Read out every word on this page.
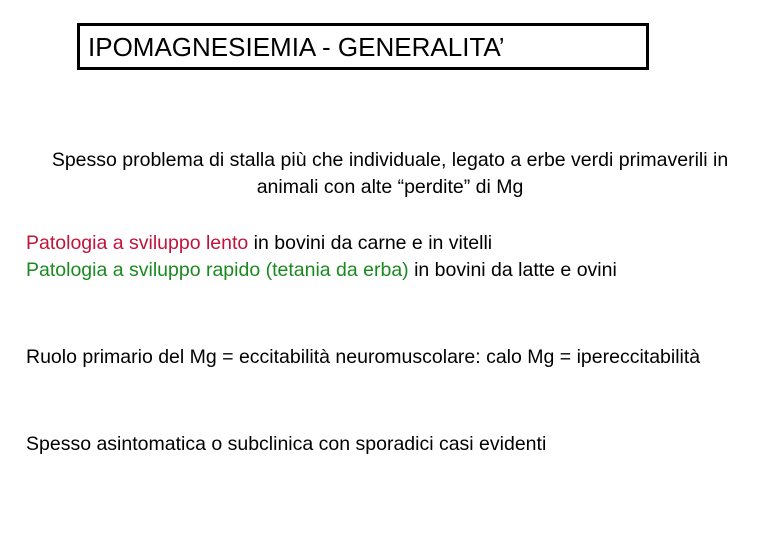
IPOMAGNESIEMIA - GENERALITA’
Spesso problema di stalla più che individuale, legato a erbe verdi primaverili in animali con alte “perdite” di Mg
Patologia a sviluppo lento in bovini da carne e in vitelli
Patologia a sviluppo rapido (tetania da erba) in bovini da latte e ovini
Ruolo primario del Mg = eccitabilità neuromuscolare: calo Mg = ipereccitabilità
Spesso asintomatica o subclinica con sporadici casi evidenti
